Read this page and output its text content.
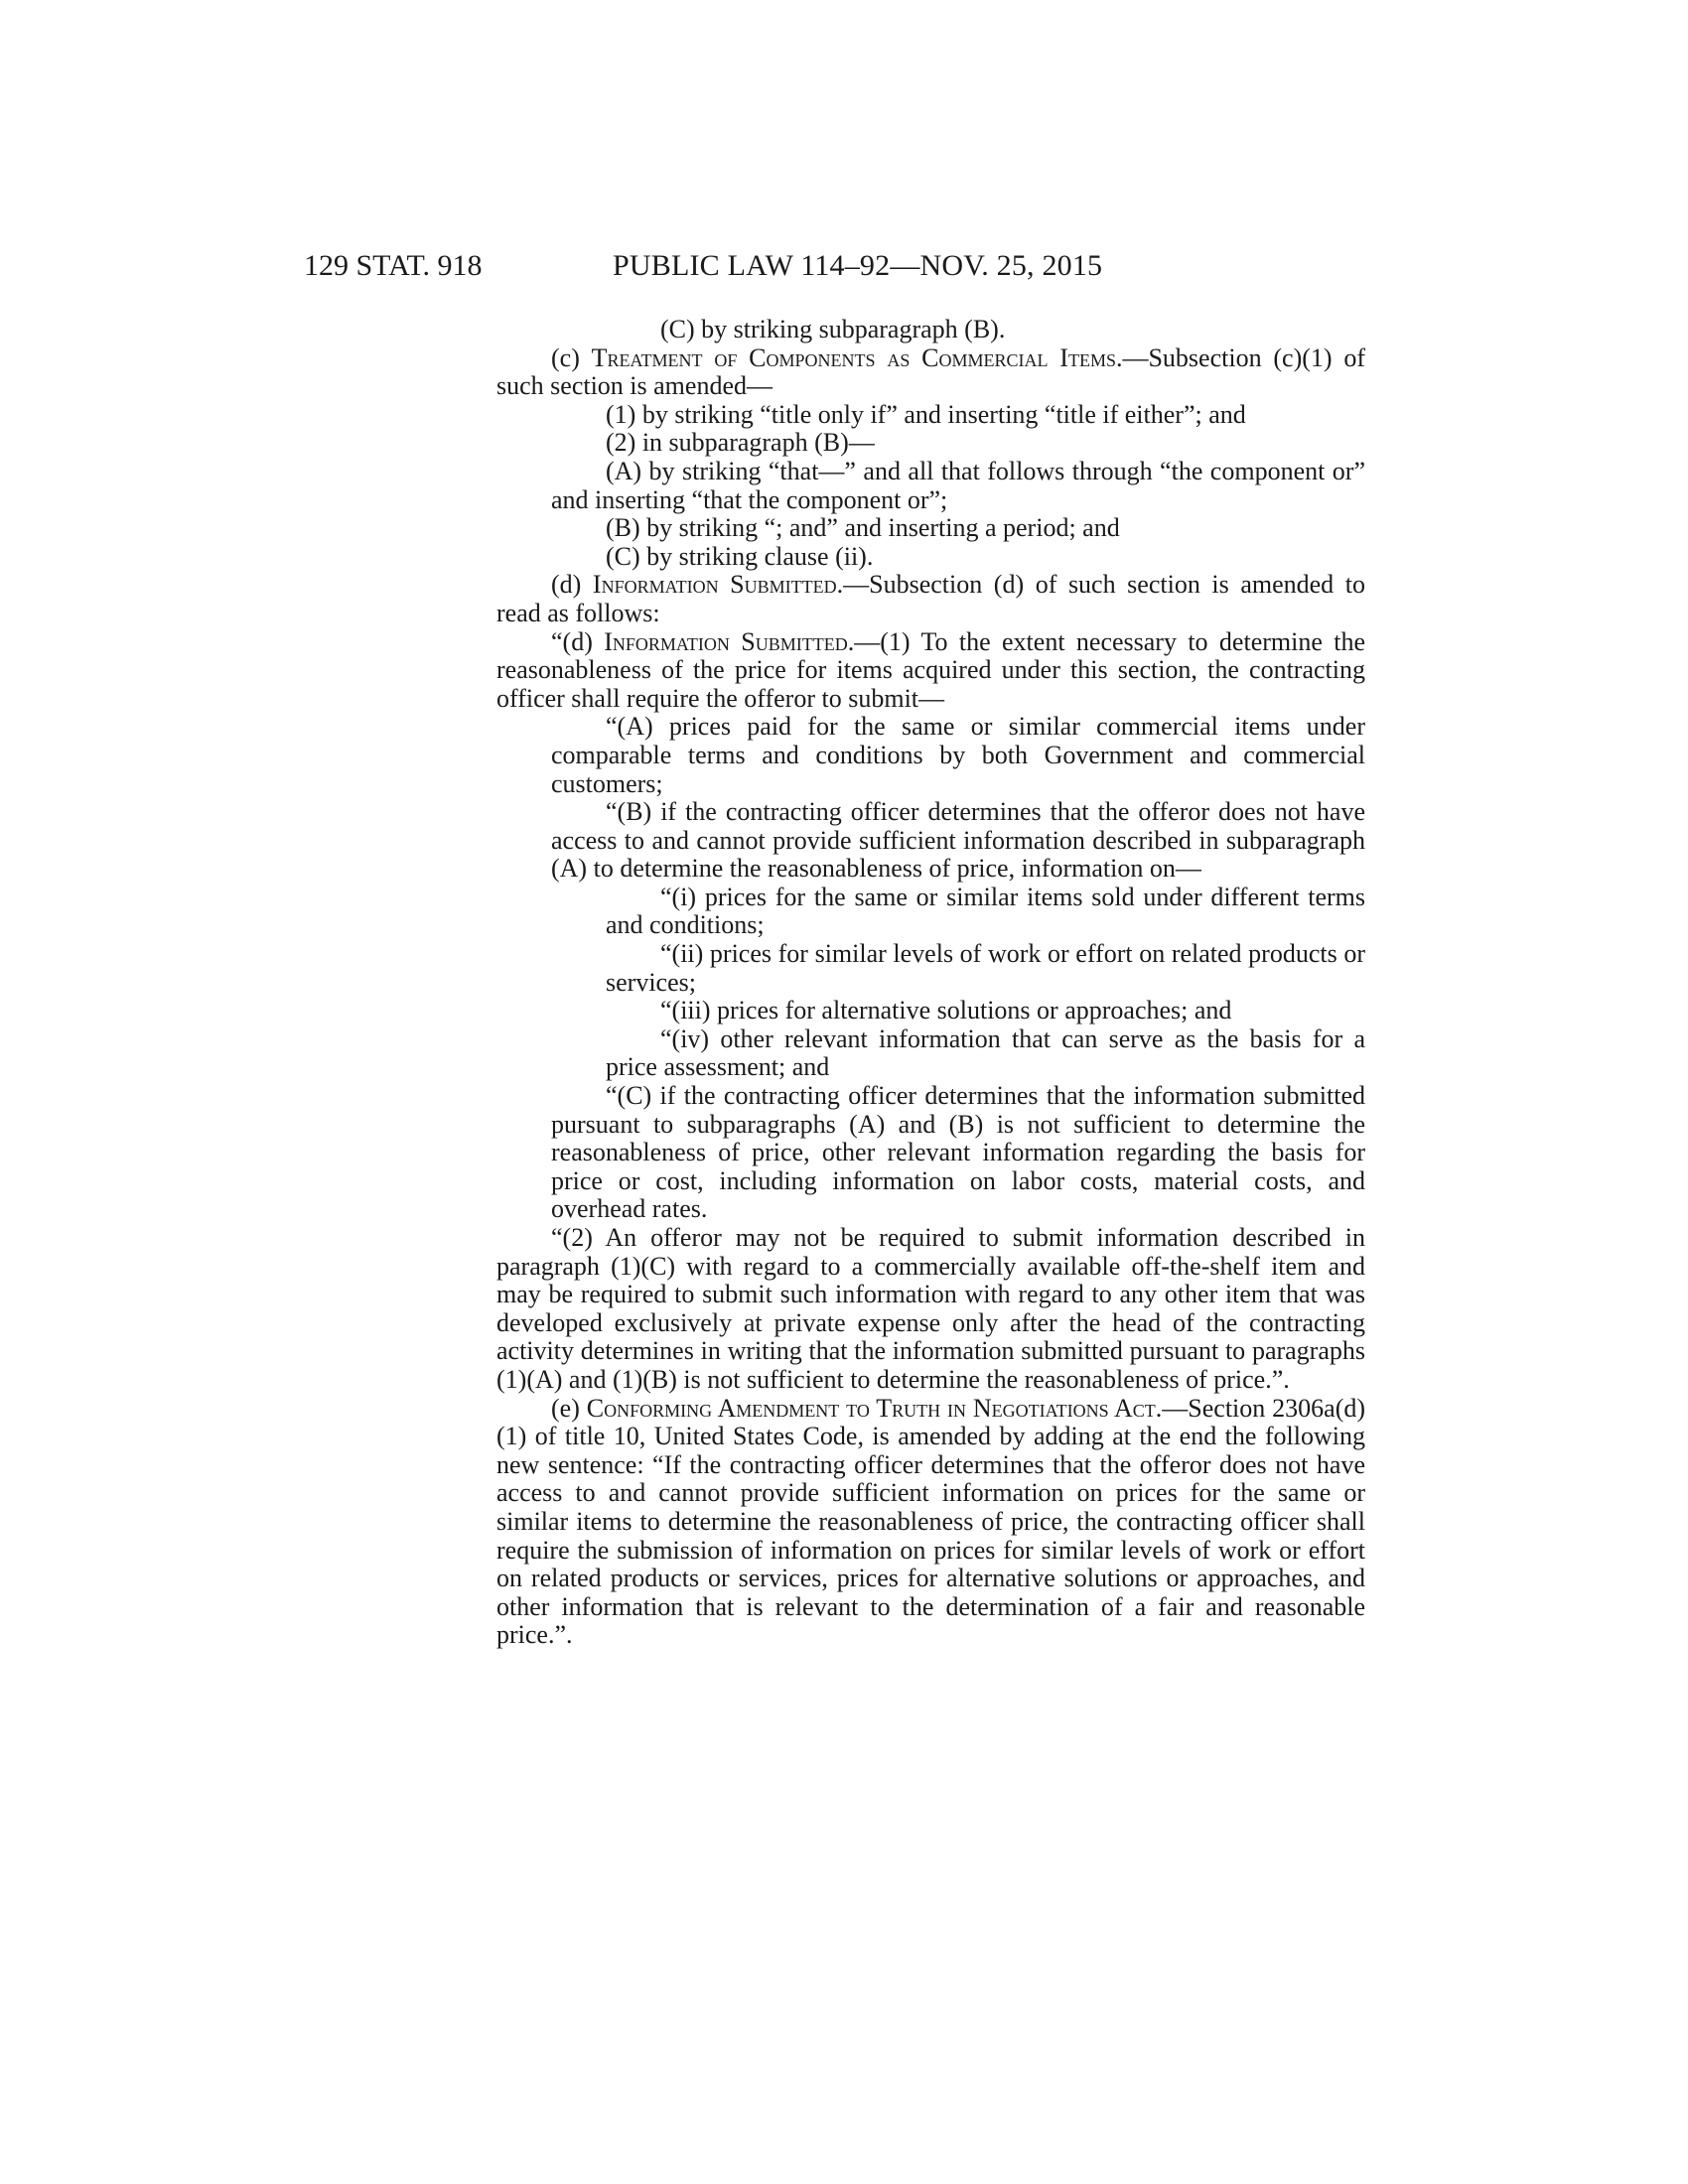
129 STAT. 918	PUBLIC LAW 114–92—NOV. 25, 2015

(C) by striking subparagraph (B).

(c) Treatment of Components as Commercial Items.—Subsection (c)(1) of such section is amended—

(1) by striking “title only if” and inserting “title if either”; and

(2) in subparagraph (B)—

(A) by striking “that—” and all that follows through “the component or” and inserting “that the component or”;

(B) by striking “; and” and inserting a period; and

(C) by striking clause (ii).

(d) Information Submitted.—Subsection (d) of such section is amended to read as follows:

“(d) Information Submitted.—(1) To the extent necessary to determine the reasonableness of the price for items acquired under this section, the contracting officer shall require the offeror to submit—

“(A) prices paid for the same or similar commercial items under comparable terms and conditions by both Government and commercial customers;

“(B) if the contracting officer determines that the offeror does not have access to and cannot provide sufficient information described in subparagraph (A) to determine the reasonableness of price, information on—

“(i) prices for the same or similar items sold under different terms and conditions;

“(ii) prices for similar levels of work or effort on related products or services;

“(iii) prices for alternative solutions or approaches; and

“(iv) other relevant information that can serve as the basis for a price assessment; and

“(C) if the contracting officer determines that the information submitted pursuant to subparagraphs (A) and (B) is not sufficient to determine the reasonableness of price, other relevant information regarding the basis for price or cost, including information on labor costs, material costs, and overhead rates.

“(2) An offeror may not be required to submit information described in paragraph (1)(C) with regard to a commercially available off-the-shelf item and may be required to submit such information with regard to any other item that was developed exclusively at private expense only after the head of the contracting activity determines in writing that the information submitted pursuant to paragraphs (1)(A) and (1)(B) is not sufficient to determine the reasonableness of price.”.

(e) Conforming Amendment to Truth in Negotiations Act.—Section 2306a(d)(1) of title 10, United States Code, is amended by adding at the end the following new sentence: “If the contracting officer determines that the offeror does not have access to and cannot provide sufficient information on prices for the same or similar items to determine the reasonableness of price, the contracting officer shall require the submission of information on prices for similar levels of work or effort on related products or services, prices for alternative solutions or approaches, and other information that is relevant to the determination of a fair and reasonable price.”.
